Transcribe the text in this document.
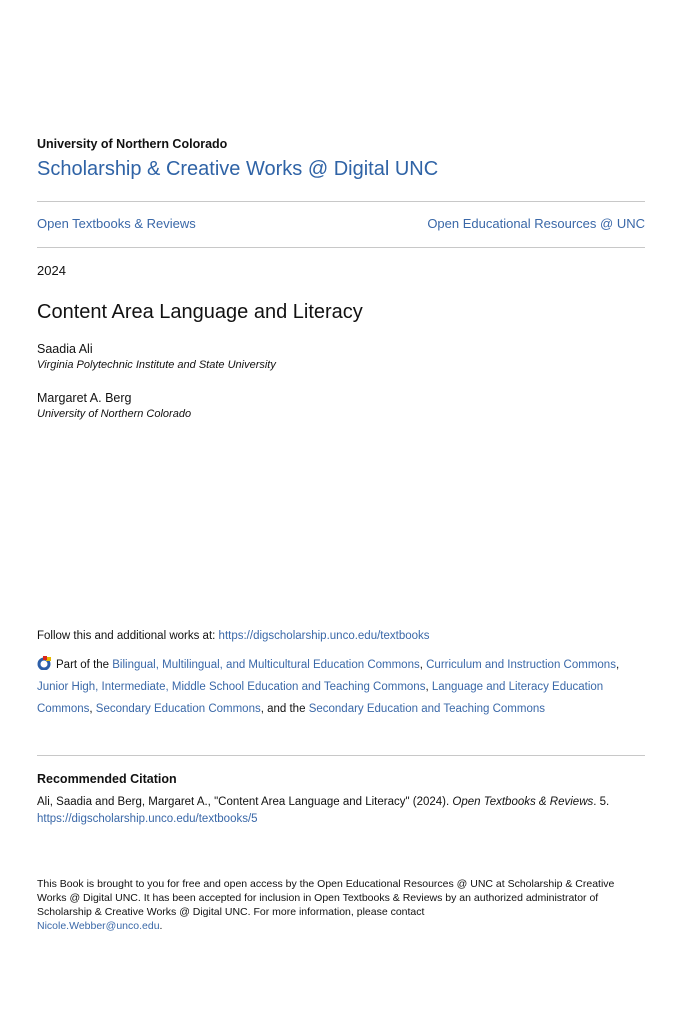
University of Northern Colorado
Scholarship & Creative Works @ Digital UNC
Open Textbooks & Reviews	Open Educational Resources @ UNC
2024
Content Area Language and Literacy
Saadia Ali
Virginia Polytechnic Institute and State University
Margaret A. Berg
University of Northern Colorado
Follow this and additional works at: https://digscholarship.unco.edu/textbooks
Part of the Bilingual, Multilingual, and Multicultural Education Commons, Curriculum and Instruction Commons, Junior High, Intermediate, Middle School Education and Teaching Commons, Language and Literacy Education Commons, Secondary Education Commons, and the Secondary Education and Teaching Commons
Recommended Citation
Ali, Saadia and Berg, Margaret A., "Content Area Language and Literacy" (2024). Open Textbooks & Reviews. 5.
https://digscholarship.unco.edu/textbooks/5
This Book is brought to you for free and open access by the Open Educational Resources @ UNC at Scholarship & Creative Works @ Digital UNC. It has been accepted for inclusion in Open Textbooks & Reviews by an authorized administrator of Scholarship & Creative Works @ Digital UNC. For more information, please contact
Nicole.Webber@unco.edu.
